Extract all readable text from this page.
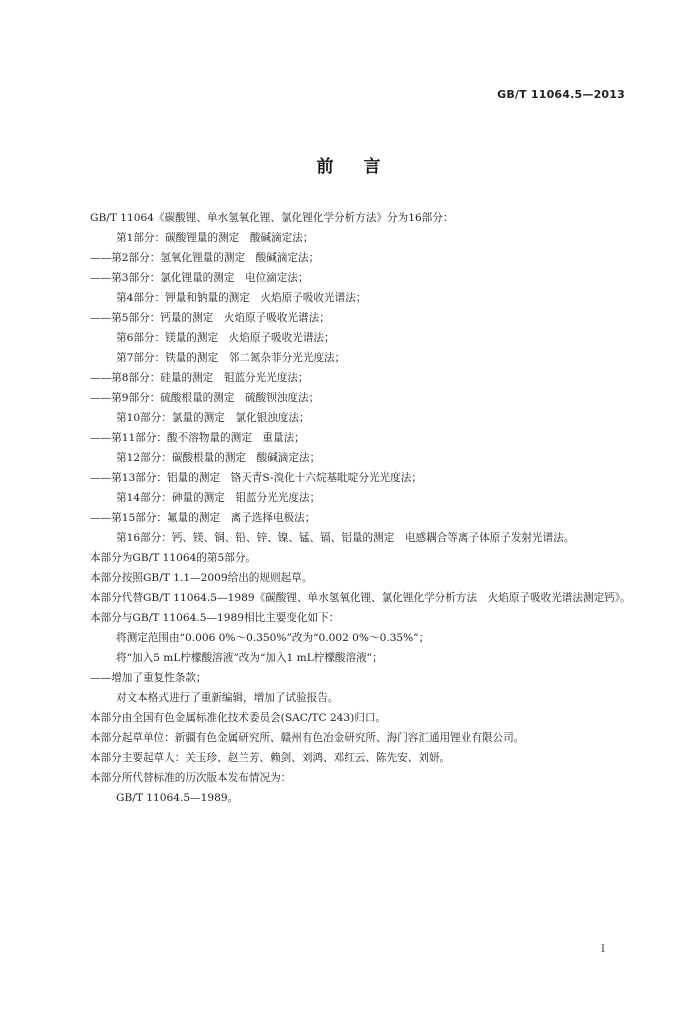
GB/T 11064.5—2013
前言
GB/T 11064《碳酸锂、单水氢氧化锂、氯化锂化学分析方法》分为16部分：
第1部分：碳酸锂量的测定　酸碱滴定法；
——第2部分：氢氧化锂量的测定　酸碱滴定法；
——第3部分：氯化锂量的测定　电位滴定法；
第4部分：钾量和钠量的测定　火焰原子吸收光谱法；
——第5部分：钙量的测定　火焰原子吸收光谱法；
第6部分：镁量的测定　火焰原子吸收光谱法；
第7部分：铁量的测定　邻二氮杂菲分光光度法；
——第8部分：硅量的测定　钼蓝分光光度法；
——第9部分：硫酸根量的测定　硫酸钡浊度法；
第10部分：氯量的测定　氯化银浊度法；
——第11部分：酸不溶物量的测定　重量法；
第12部分：碳酸根量的测定　酸碱滴定法；
——第13部分：铝量的测定　铬天青S-溴化十六烷基吡啶分光光度法；
第14部分：砷量的测定　钼蓝分光光度法；
——第15部分：氟量的测定　离子选择电极法；
第16部分：钙、镁、铜、铅、锌、镍、锰、镉、铝量的测定　电感耦合等离子体原子发射光谱法。
本部分为GB/T 11064的第5部分。
本部分按照GB/T 1.1—2009给出的规则起草。
本部分代替GB/T 11064.5—1989《碳酸锂、单水氢氧化锂、氯化锂化学分析方法　火焰原子吸收光谱法测定钙》。本部分与GB/T 11064.5—1989相比主要变化如下：
将测定范围由“0.006 0%～0.350%”改为“0.002 0%～0.35%”；
将“加入5 mL柠檬酸溶液”改为“加入1 mL柠檬酸溶液”；
——增加了重复性条款；
对文本格式进行了重新编辑，增加了试验报告。
本部分由全国有色金属标准化技术委员会(SAC/TC 243)归口。
本部分起草单位：新疆有色金属研究所、赣州有色冶金研究所、海门容汇通用锂业有限公司。
本部分主要起草人：关玉珍、赵兰芳、赖剑、刘鸿、邓红云、陈先安、刘妍。
本部分所代替标准的历次版本发布情况为：
GB/T 11064.5—1989。
I
